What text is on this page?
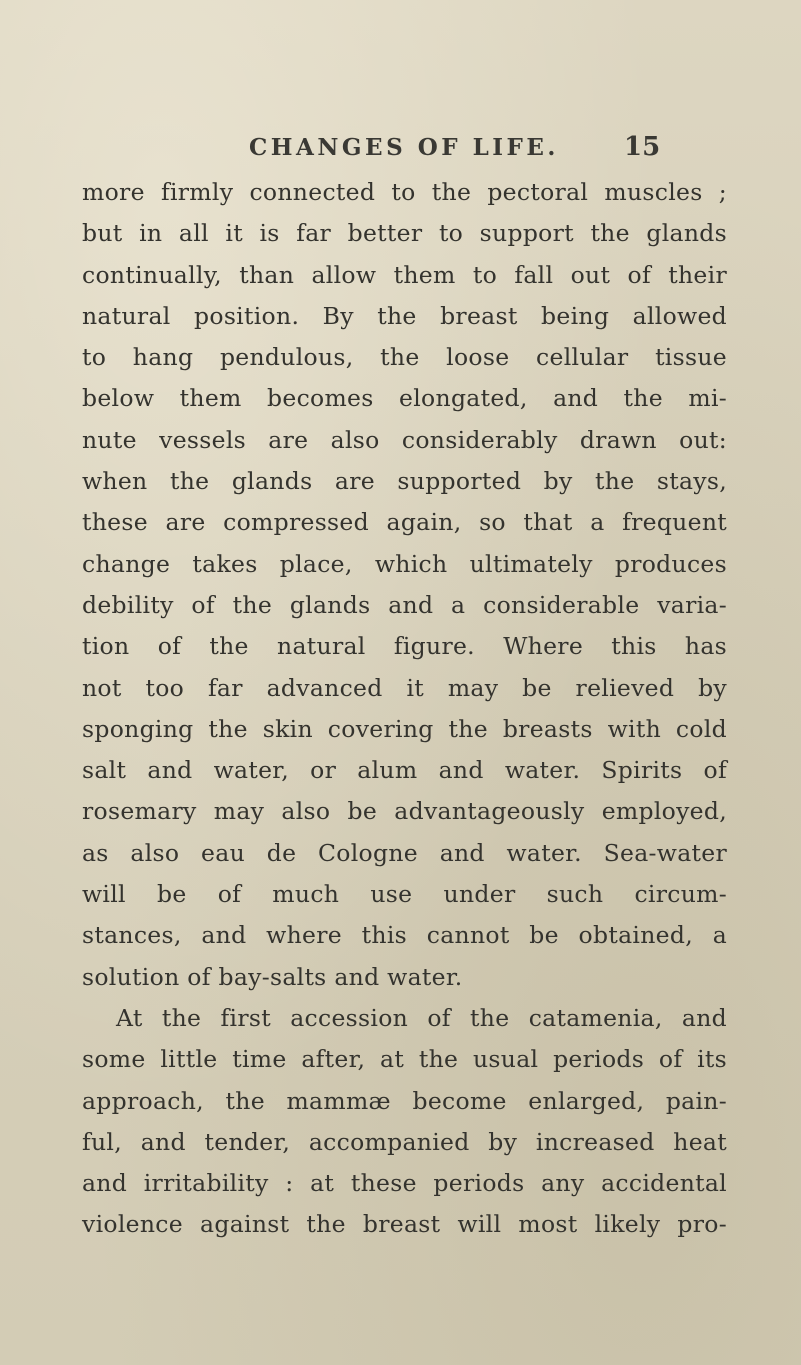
CHANGES OF LIFE.	15
more firmly connected to the pectoral muscles ;
but in all it is far better to support the glands
continually, than allow them to fall out of their
natural position. By the breast being allowed
to hang pendulous, the loose cellular tissue
below them becomes elongated, and the mi-
nute vessels are also considerably drawn out:
when the glands are supported by the stays,
these are compressed again, so that a frequent
change takes place, which ultimately produces
debility of the glands and a considerable varia-
tion of the natural figure. Where this has
not too far advanced it may be relieved by
sponging the skin covering the breasts with cold
salt and water, or alum and water. Spirits of
rosemary may also be advantageously employed,
as also eau de Cologne and water. Sea-water
will be of much use under such circum-
stances, and where this cannot be obtained, a
solution of bay-salts and water.
At the first accession of the catamenia, and
some little time after, at the usual periods of its
approach, the mammæ become enlarged, pain-
ful, and tender, accompanied by increased heat
and irritability : at these periods any accidental
violence against the breast will most likely pro-
